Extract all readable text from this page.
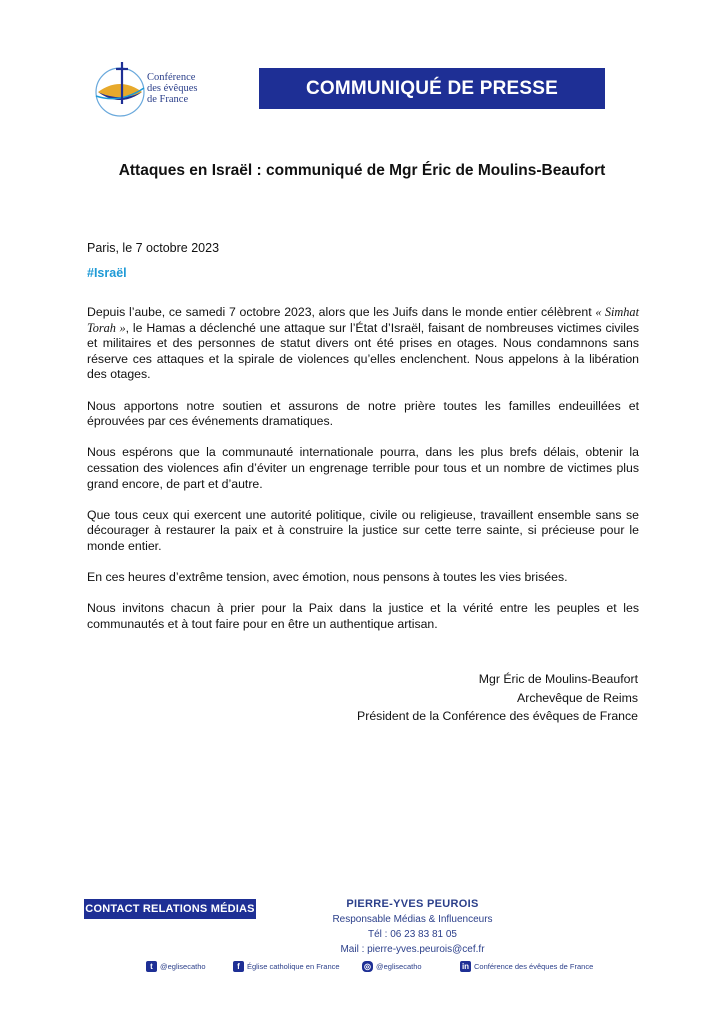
Conférence
des évêques
de France
COMMUNIQUÉ DE PRESSE
Attaques en Israël : communiqué de Mgr Éric de Moulins-Beaufort
Paris, le 7 octobre 2023
#Israël

Depuis l’aube, ce samedi 7 octobre 2023, alors que les Juifs dans le monde entier célèbrent « Simhat Torah », le Hamas a déclenché une attaque sur l’État d’Israël, faisant de nombreuses victimes civiles et militaires et des personnes de statut divers ont été prises en otages. Nous condamnons sans réserve ces attaques et la spirale de violences qu’elles enclenchent. Nous appelons à la libération des otages.

Nous apportons notre soutien et assurons de notre prière toutes les familles endeuillées et éprouvées par ces événements dramatiques.

Nous espérons que la communauté internationale pourra, dans les plus brefs délais, obtenir la cessation des violences afin d’éviter un engrenage terrible pour tous et un nombre de victimes plus grand encore, de part et d’autre.

Que tous ceux qui exercent une autorité politique, civile ou religieuse, travaillent ensemble sans se décourager à restaurer la paix et à construire la justice sur cette terre sainte, si précieuse pour le monde entier.

En ces heures d’extrême tension, avec émotion, nous pensons à toutes les vies brisées.

Nous invitons chacun à prier pour la Paix dans la justice et la vérité entre les peuples et les communautés et à tout faire pour en être un authentique artisan.

Mgr Éric de Moulins-Beaufort
Archevêque de Reims
Président de la Conférence des évêques de France
CONTACT RELATIONS MÉDIAS	PIERRE-YVES PEUROIS
Responsable Médias & Influenceurs
Tél : 06 23 83 81 05
Mail : pierre-yves.peurois@cef.fr
t @eglisecatho	f Église catholique en France	◎ @eglisecatho	in Conférence des évêques de France
